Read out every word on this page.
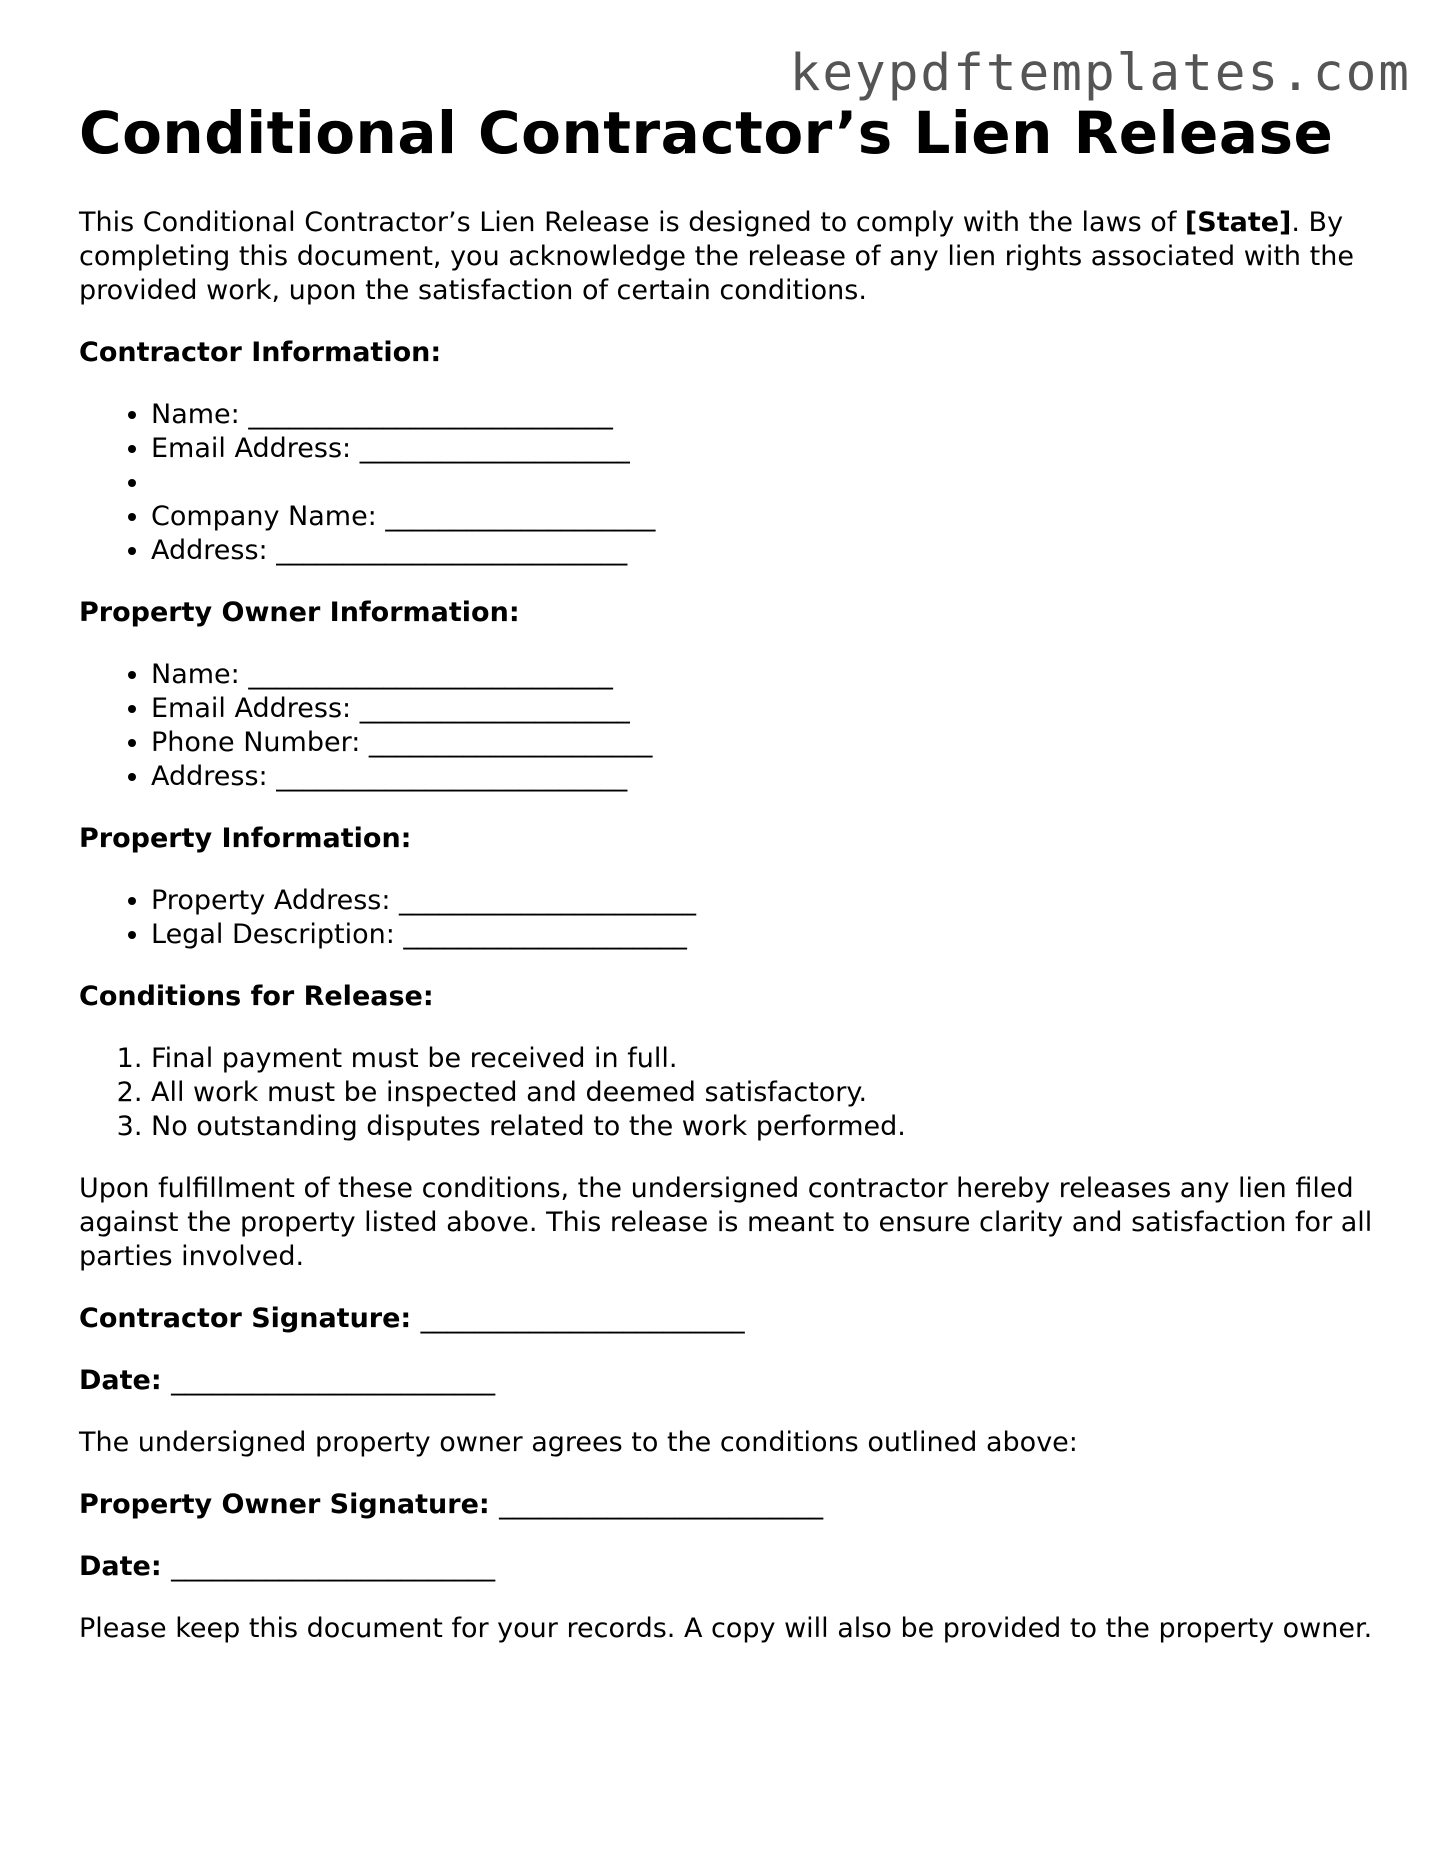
keypdftemplates.com

Conditional Contractor’s Lien Release

This Conditional Contractor’s Lien Release is designed to comply with the laws of [State]. By completing this document, you acknowledge the release of any lien rights associated with the provided work, upon the satisfaction of certain conditions.

Contractor Information:

• Name: ___________________________
• Email Address: ____________________
•
• Company Name: ____________________
• Address: __________________________

Property Owner Information:

• Name: ___________________________
• Email Address: ____________________
• Phone Number: _____________________
• Address: __________________________

Property Information:

• Property Address: ______________________
• Legal Description: _____________________

Conditions for Release:

1. Final payment must be received in full.
2. All work must be inspected and deemed satisfactory.
3. No outstanding disputes related to the work performed.

Upon fulfillment of these conditions, the undersigned contractor hereby releases any lien filed against the property listed above. This release is meant to ensure clarity and satisfaction for all parties involved.

Contractor Signature: ________________________

Date: ________________________

The undersigned property owner agrees to the conditions outlined above:

Property Owner Signature: ________________________

Date: ________________________

Please keep this document for your records. A copy will also be provided to the property owner.
